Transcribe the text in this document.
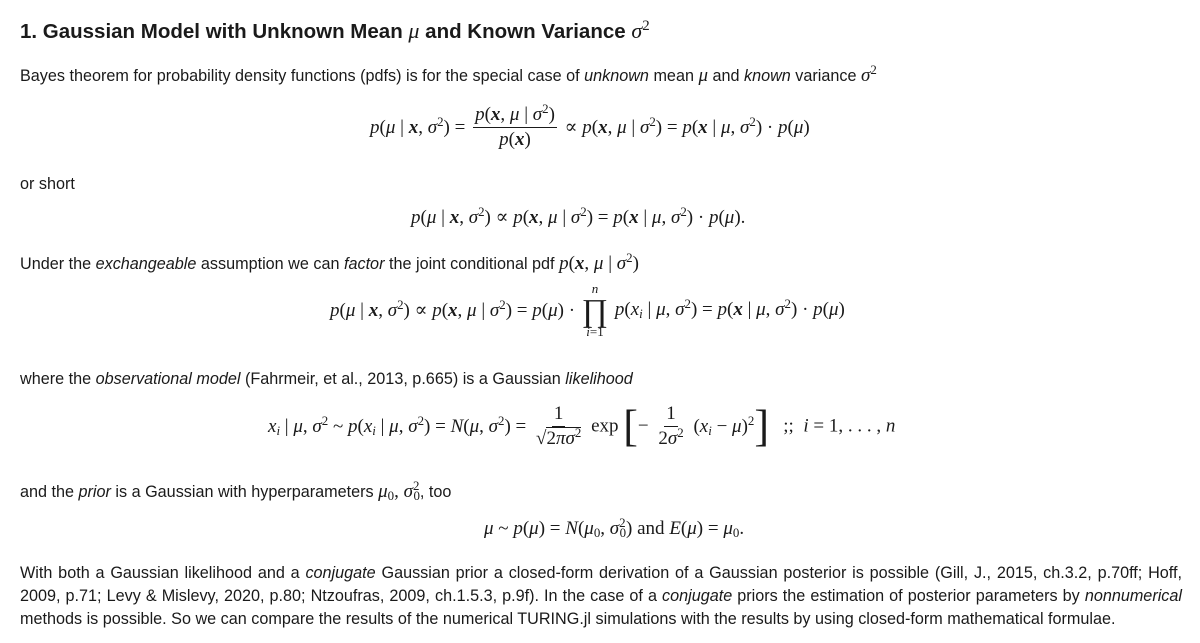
1. Gaussian Model with Unknown Mean μ and Known Variance $\sigma^2$
Bayes theorem for probability density functions (pdfs) is for the special case of unknown mean μ and known variance $\sigma^2$
p(μ | x, $\sigma^2) = \frac{p(x, \mu | \sigma^2)}{p(x)} \propto p(x$, μ | $\sigma^2) = p(x$ | μ, $\sigma^2) \cdot p(\mu)$
or short
p(μ | x, $\sigma^2) \propto p(x$, μ | $\sigma^2) = p(x$ | μ, $\sigma^2) \cdot p(\mu)$.
Under the exchangeable assumption we can factor the joint conditional pdf p(x, μ | $\sigma^2$)
p(μ | x, $\sigma^2) \propto p(x$, μ | $\sigma^2) = p(\mu)$ ·
n
∏
i=1
$p(x_i$ | μ, $\sigma^2) = p(x$ | μ, $\sigma^2) \cdot p(\mu)$
where the observational model (Fahrmeir, et al., 2013, p.665) is a Gaussian likelihood
$x_i$ | μ, $\sigma^2$ ~ $p(x_i$ | μ, $\sigma^2) = N(\mu$, $\sigma^2) = \frac{1}{√2\pi\sigma^2}$ exp [− $\frac{1}{2\sigma^2} (x_i - \mu)^2$]   ;;  i = 1, . . . , n
and the prior is a Gaussian with hyperparameters $\mu_0$, $\sigma^2_0$, too
μ ~ $p(\mu) = N(\mu_0$, $\sigma^2_0$) and $E(\mu) = \mu_0$.
With both a Gaussian likelihood and a conjugate Gaussian prior a closed-form derivation of a Gaussian posterior is possible (Gill, J., 2015, ch.3.2, p.70ff; Hoff, 2009, p.71; Levy & Mislevy, 2020, p.80; Ntzoufras, 2009, ch.1.5.3, p.9f). In the case of a conjugate priors the estimation of posterior parameters by nonnumerical methods is possible. So we can compare the results of the numerical TURING.jl simulations with the results by using closed-form mathematical formulae.
